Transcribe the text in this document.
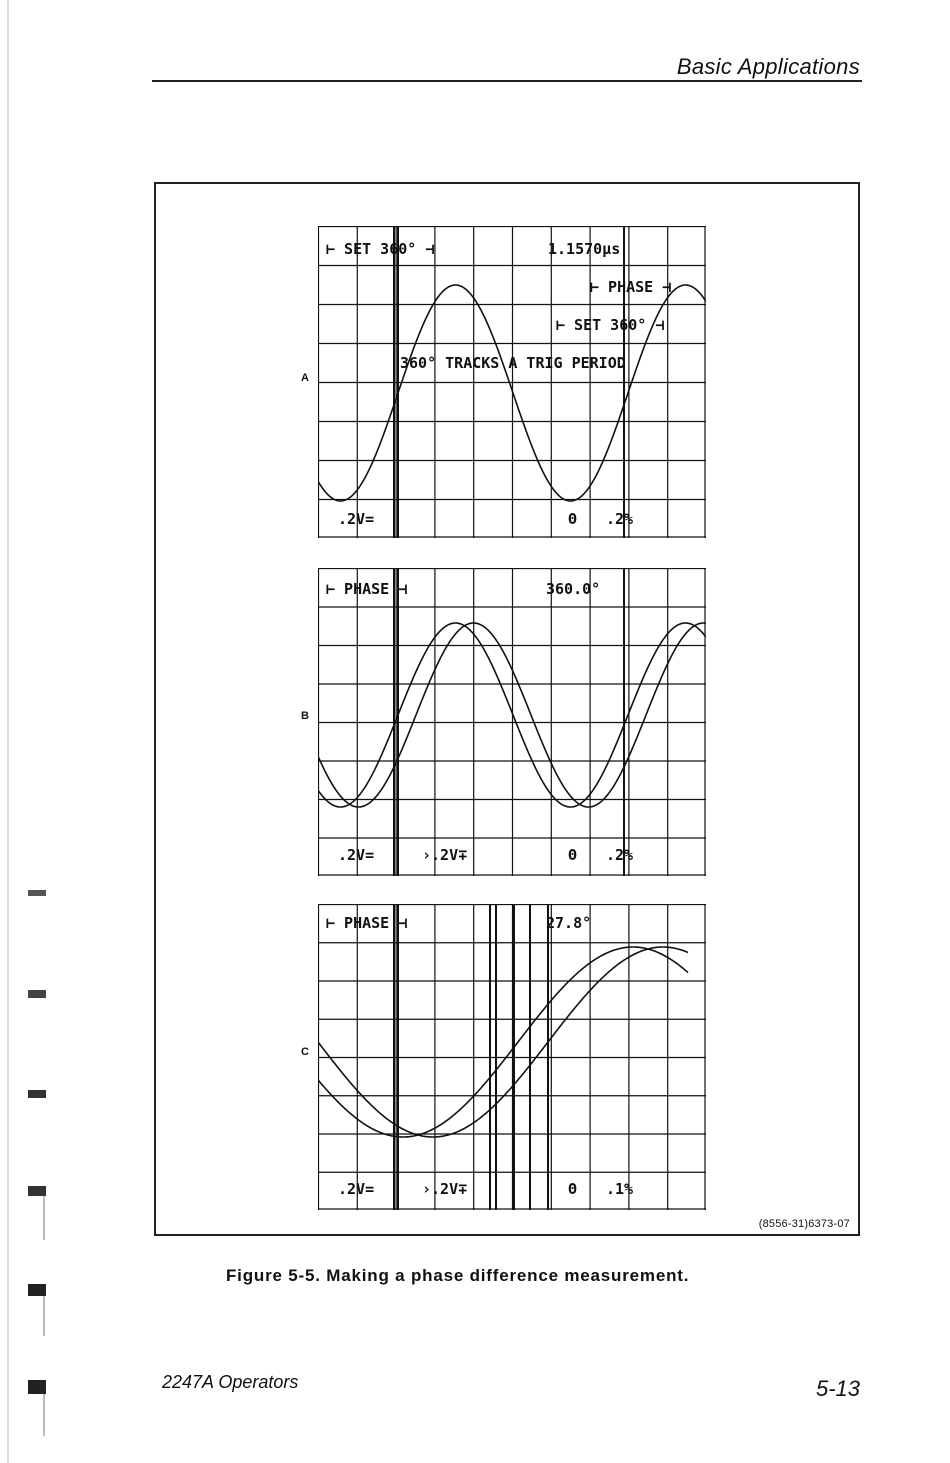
Basic Applications
(8556-31)6373-07
A
⊢ SET 360° ⊣	1.1570µs
⊢ PHASE ⊣
⊢ SET 360° ⊣
360° TRACKS A TRIG PERIOD
.2V=	Θ .2%
B
⊢ PHASE ⊣	360.0°
.2V=	›.2V∓	Θ .2%
C
⊢ PHASE ⊣	27.8°
.2V=	›.2V∓	Θ .1%
Figure 5-5. Making a phase difference measurement.
2247A Operators	5-13
